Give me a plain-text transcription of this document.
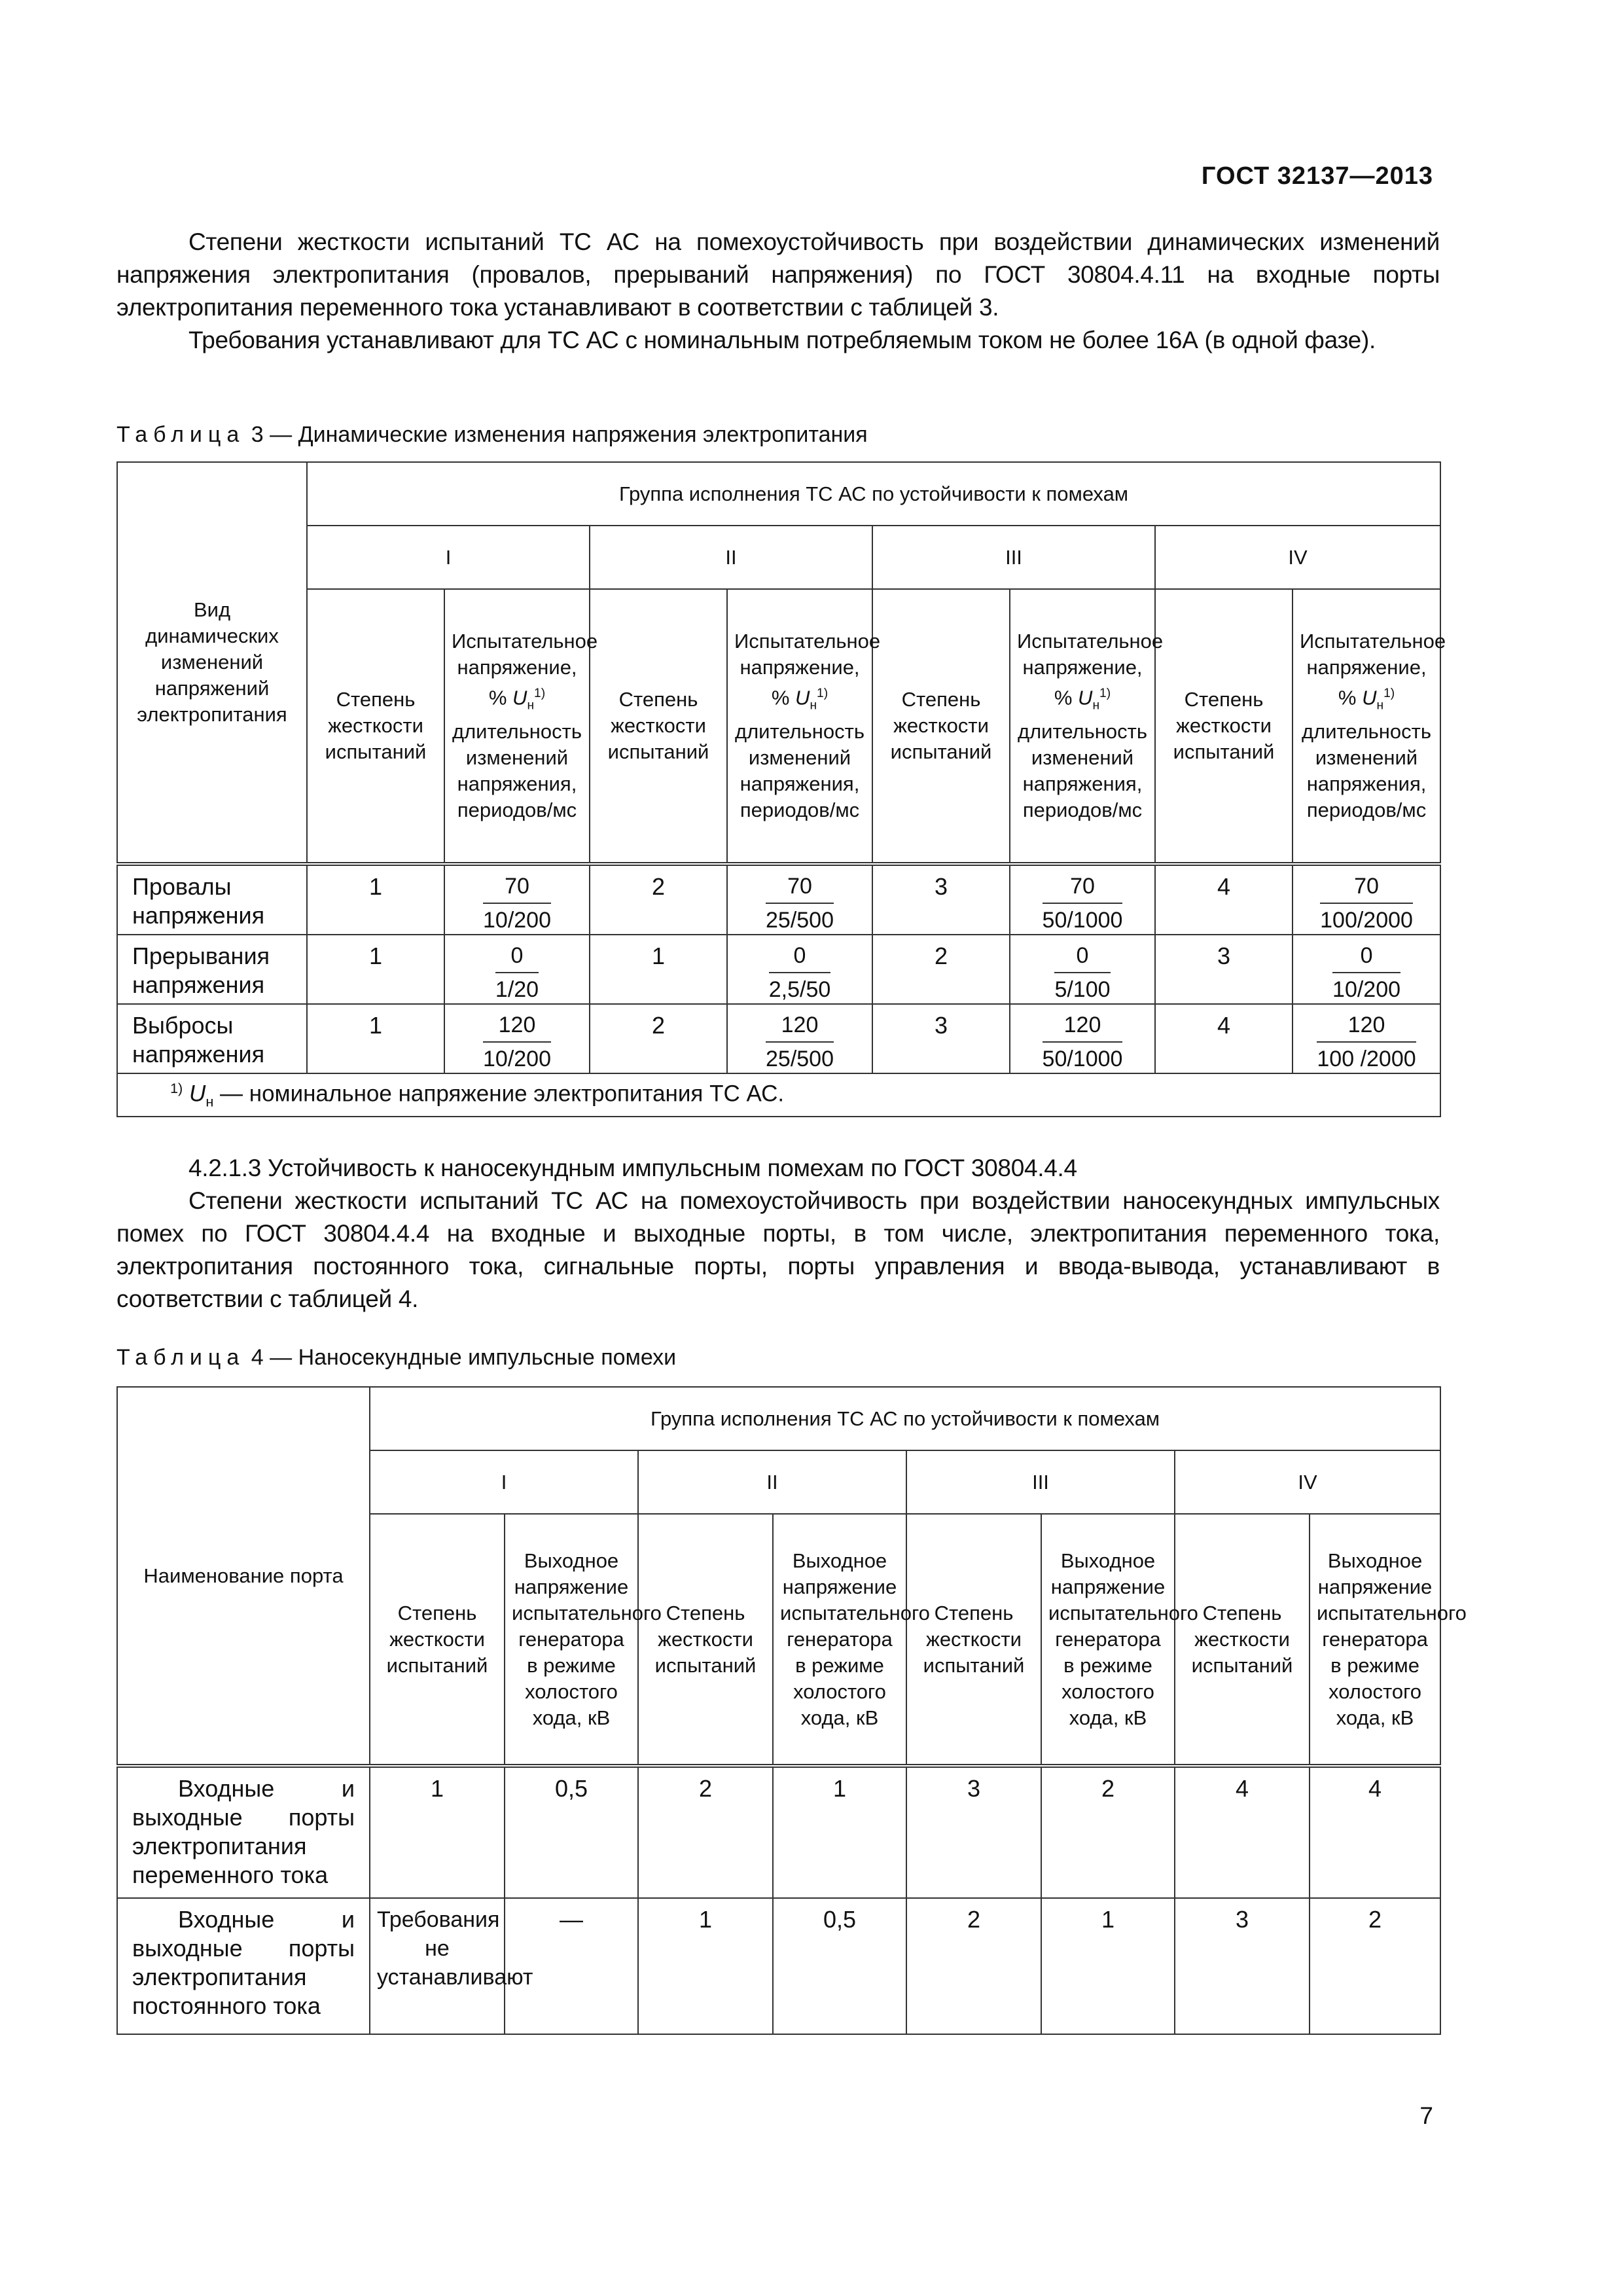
ГОСТ 32137—2013

Степени жесткости испытаний ТС АС на помехоустойчивость при воздействии динамических изменений напряжения электропитания (провалов, прерываний напряжения) по ГОСТ 30804.4.11 на входные порты электропитания переменного тока устанавливают в соответствии с таблицей 3.

Требования устанавливают для ТС АС с номинальным потребляемым током не более 16А (в одной фазе).

Таблица 3 — Динамические изменения напряжения электропитания
Вид динамических изменений напряжений электропитания	Группа исполнения ТС АС по устойчивости к помехам							
	I		II		III		IV	
	Степень жесткости испытаний	Испытательное напряжение, % $U_н^{1)}$ длительность изменений напряжения, периодов/мс	Степень жесткости испытаний	Испытательное напряжение, % $U_н^{1)}$ длительность изменений напряжения, периодов/мс	Степень жесткости испытаний	Испытательное напряжение, % $U_н^{1)}$ длительность изменений напряжения, периодов/мс	Степень жесткости испытаний	Испытательное напряжение, % $U_н^{1)}$ длительность изменений напряжения, периодов/мс
Провалы напряжения	1	$\frac{70}{10/200}$	2	$\frac{70}{25/500}$	3	$\frac{70}{50/1000}$	4	$\frac{70}{100/2000}$

Прерывания напряжения	1	$\frac{0}{1/20}$	1	$\frac{0}{2,5/50}$	2	$\frac{0}{5/100}$	3	$\frac{0}{10/200}$

Выбросы напряжения	1	$\frac{120}{10/200}$	2	$\frac{120}{25/500}$	3	$\frac{120}{50/1000}$	4	$\frac{120}{100 /2000}$

$^{1)}$ $U_н$ — номинальное напряжение электропитания ТС АС.								

4.2.1.3 Устойчивость к наносекундным импульсным помехам по ГОСТ 30804.4.4

Степени жесткости испытаний ТС АС на помехоустойчивость при воздействии наносекундных импульсных помех по ГОСТ 30804.4.4 на входные и выходные порты, в том числе, электропитания переменного тока, электропитания постоянного тока, сигнальные порты, порты управления и ввода-вывода, устанавливают в соответствии с таблицей 4.

Таблица 4 — Наносекундные импульсные помехи
Наименование порта	Группа исполнения ТС АС по устойчивости к помехам							
	I		II		III		IV	
	Степень жесткости испытаний	Выходное напряжение испытательного генератора в режиме холостого хода, кВ	Степень жесткости испытаний	Выходное напряжение испытательного генератора в режиме холостого хода, кВ	Степень жесткости испытаний	Выходное напряжение испытательного генератора в режиме холостого хода, кВ	Степень жесткости испытаний	Выходное напряжение испытательного генератора в режиме холостого хода, кВ
Входные и выходные порты электропитания переменного тока	1	0,5	2	1	3	2	4	4
Входные и выходные порты электропитания постоянного тока	Требования не устанавливают	—	1	0,5	2	1	3	2
7
